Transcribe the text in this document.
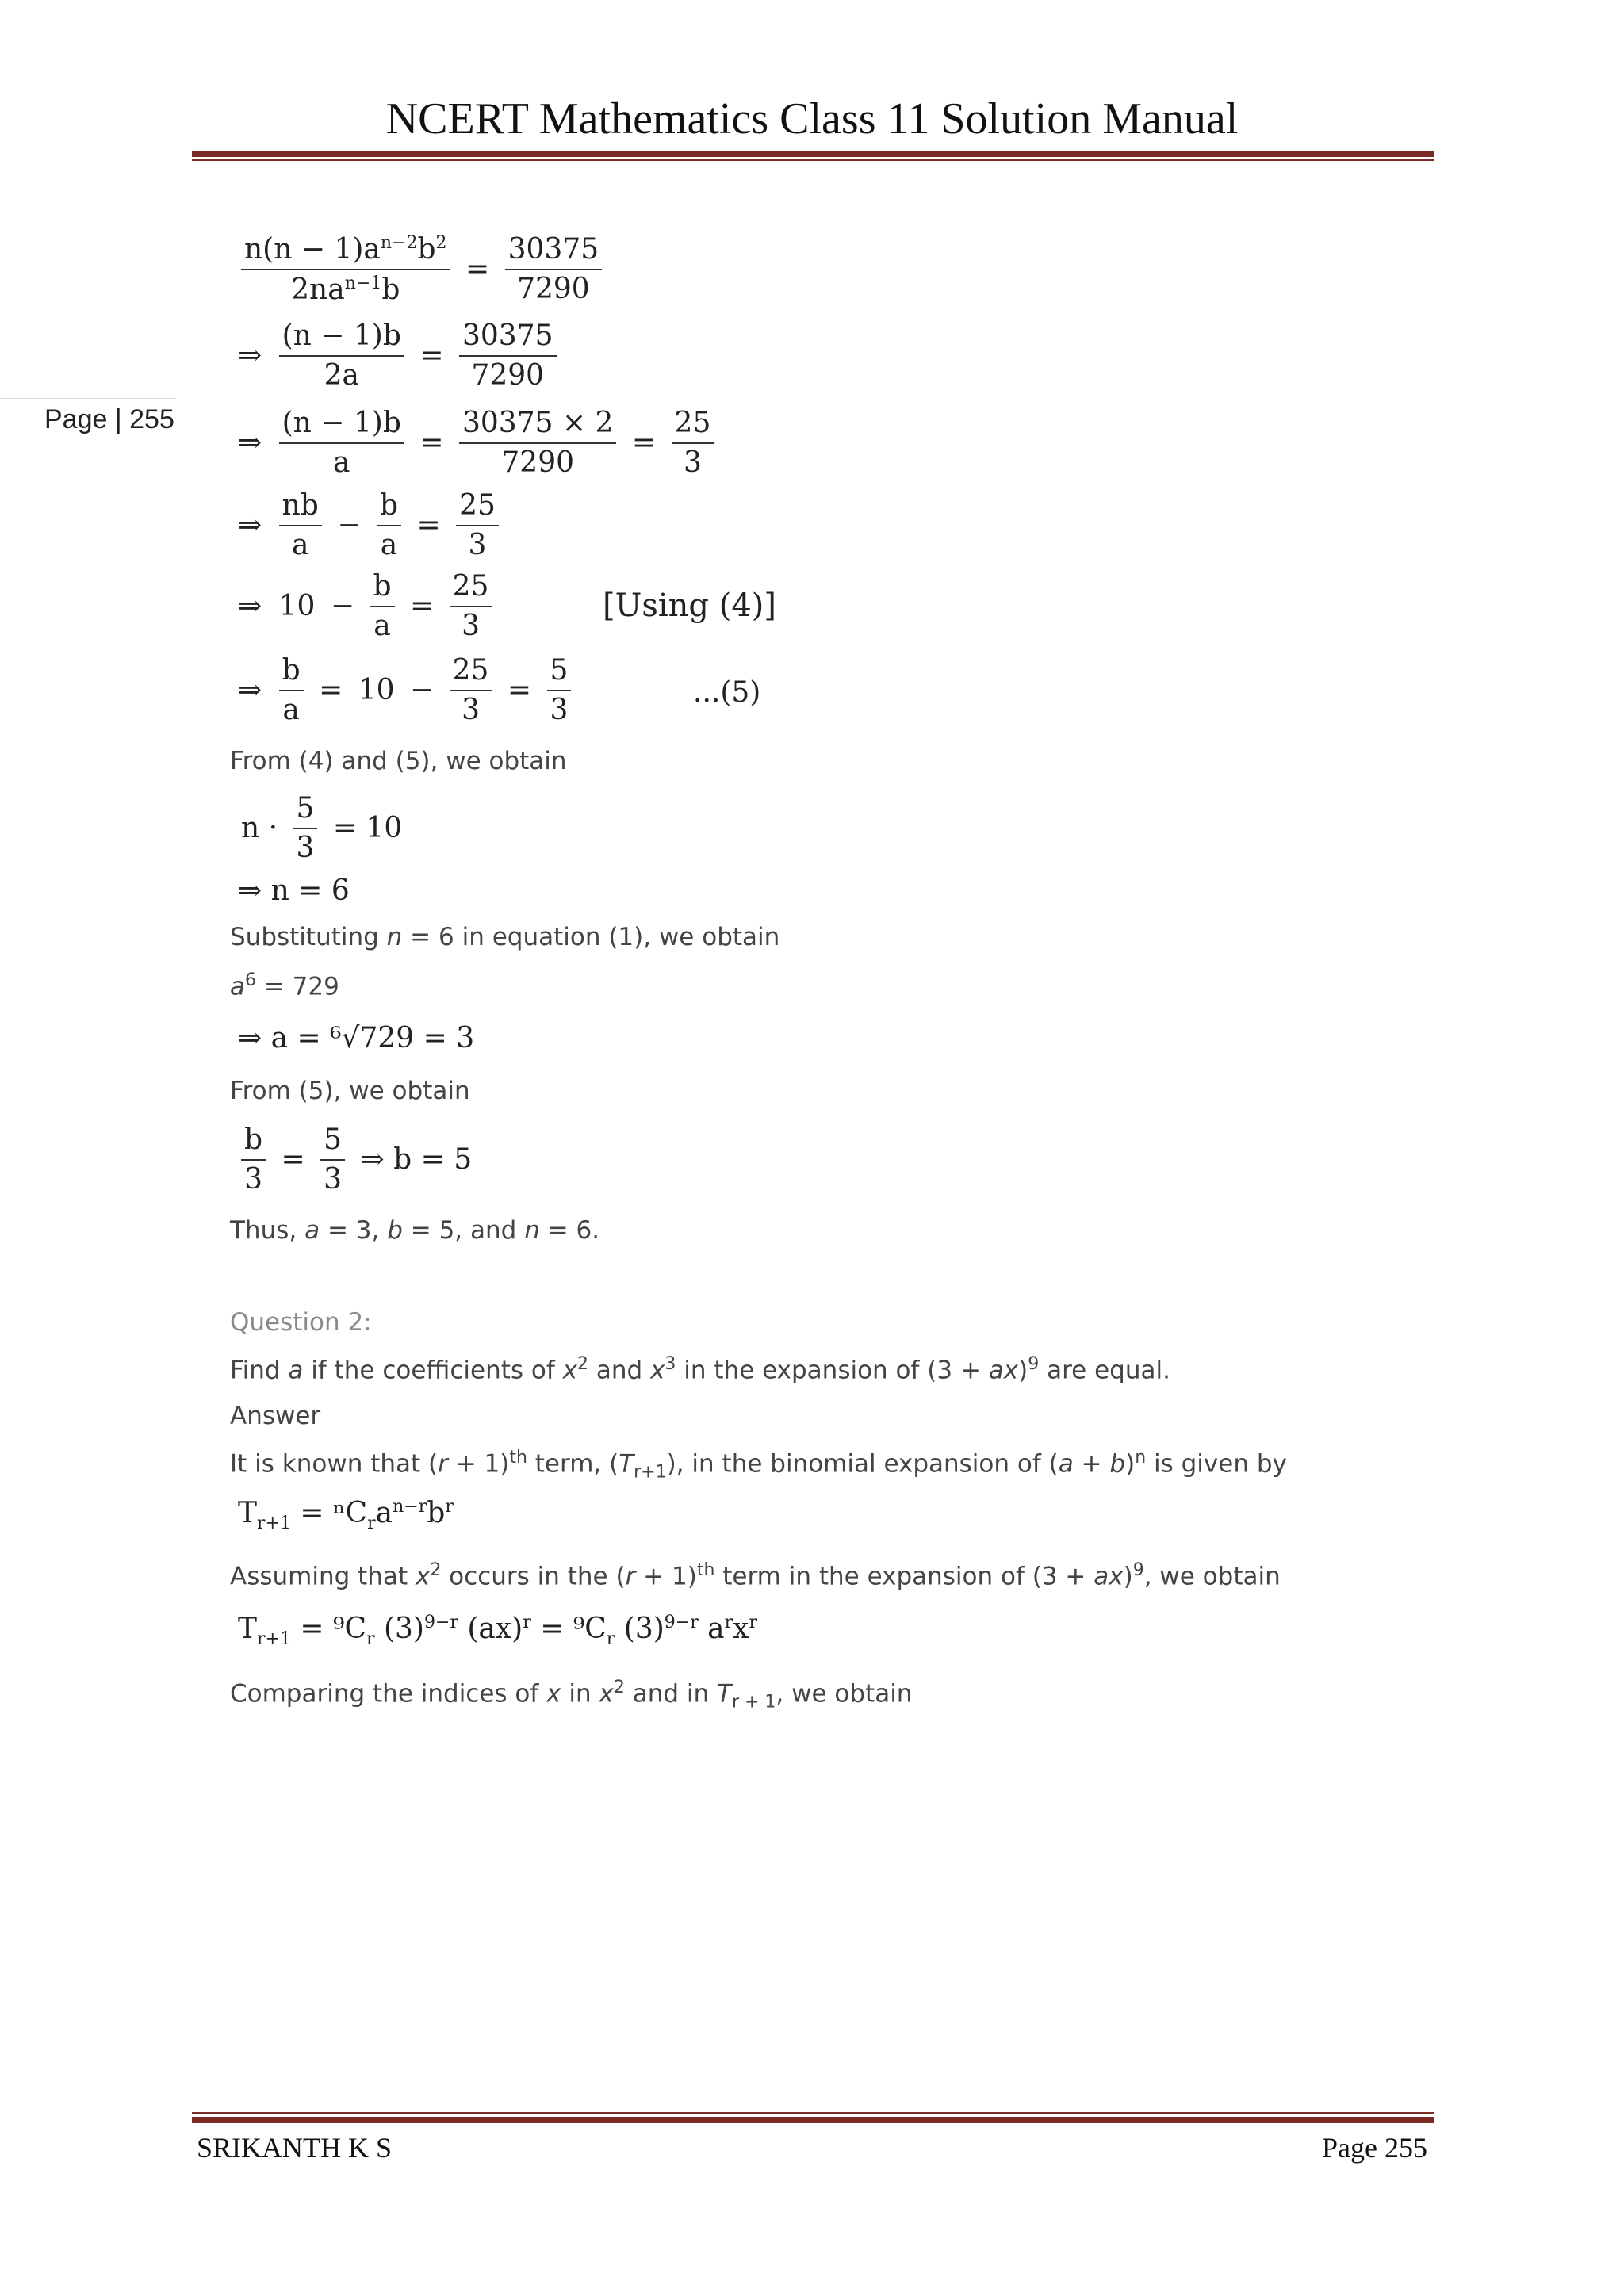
NCERT Mathematics Class 11 Solution Manual
Page | 255
$\frac{n(n - 1)a^{n-2}b^2}{2na^{n-1}b} = \frac{30375}{7290}$
⇒ $\frac{(n - 1)b}{2a} = \frac{30375}{7290}$
⇒ $\frac{(n - 1)b}{a} = \frac{30375 \times 2}{7290} = \frac{25}{3}$
⇒ $\frac{nb}{a} - \frac{b}{a} = \frac{25}{3}$
⇒ $10 - \frac{b}{a} = \frac{25}{3}$	[Using (4)]
⇒ $\frac{b}{a} = 10 - \frac{25}{3} = \frac{5}{3}$	...(5)
From (4) and (5), we obtain
$n \cdot \frac{5}{3} = 10$
⇒ n = 6
Substituting n = 6 in equation (1), we obtain
$a^6 = 729$
⇒ a = ⁶√729 = 3
From (5), we obtain
$\frac{b}{3} = \frac{5}{3}$ ⇒ b = 5
Thus, a = 3, b = 5, and n = 6.
Question 2:
Find a if the coefficients of $x^2$ and $x^3$ in the expansion of (3 + ax)$^9$ are equal.
Answer
It is known that $(r + 1)^{th}$ term, $(T_{r+1})$, in the binomial expansion of $(a + b)^n$ is given by
$T_{r+1} = ^nC_ra^{n-r}b^r$
Assuming that $x^2$ occurs in the $(r + 1)^{th}$ term in the expansion of (3 + ax)$^9$, we obtain
$T_{r+1} = ^9C_r$ $(3)^{9-r}$ $(ax)^r = ^9C_r$ $(3)^{9-r}$ $a^rx^r$
Comparing the indices of x in $x^2$ and in $T_{r + 1}$, we obtain
SRIKANTH K S	Page 255
